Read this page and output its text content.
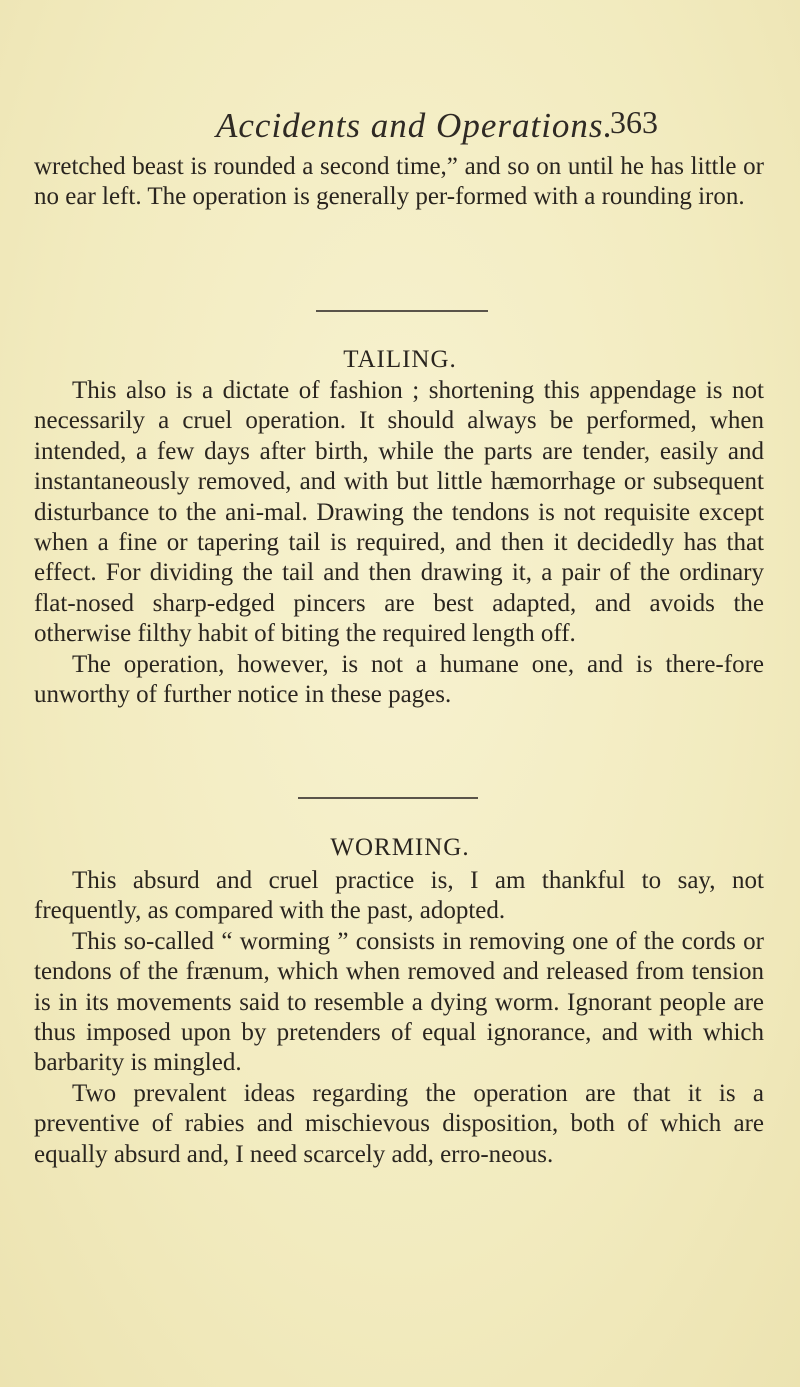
Accidents and Operations.
363

wretched beast is rounded a second time,” and so on until he has little or no ear left. The operation is generally per-formed with a rounding iron.

TAILING.

This also is a dictate of fashion ; shortening this appendage is not necessarily a cruel operation. It should always be performed, when intended, a few days after birth, while the parts are tender, easily and instantaneously removed, and with but little hæmorrhage or subsequent disturbance to the ani-mal. Drawing the tendons is not requisite except when a fine or tapering tail is required, and then it decidedly has that effect. For dividing the tail and then drawing it, a pair of the ordinary flat-nosed sharp-edged pincers are best adapted, and avoids the otherwise filthy habit of biting the required length off.

The operation, however, is not a humane one, and is there-fore unworthy of further notice in these pages.

WORMING.

This absurd and cruel practice is, I am thankful to say, not frequently, as compared with the past, adopted.

This so-called “ worming ” consists in removing one of the cords or tendons of the frænum, which when removed and released from tension is in its movements said to resemble a dying worm. Ignorant people are thus imposed upon by pretenders of equal ignorance, and with which barbarity is mingled.

Two prevalent ideas regarding the operation are that it is a preventive of rabies and mischievous disposition, both of which are equally absurd and, I need scarcely add, erro-neous.
